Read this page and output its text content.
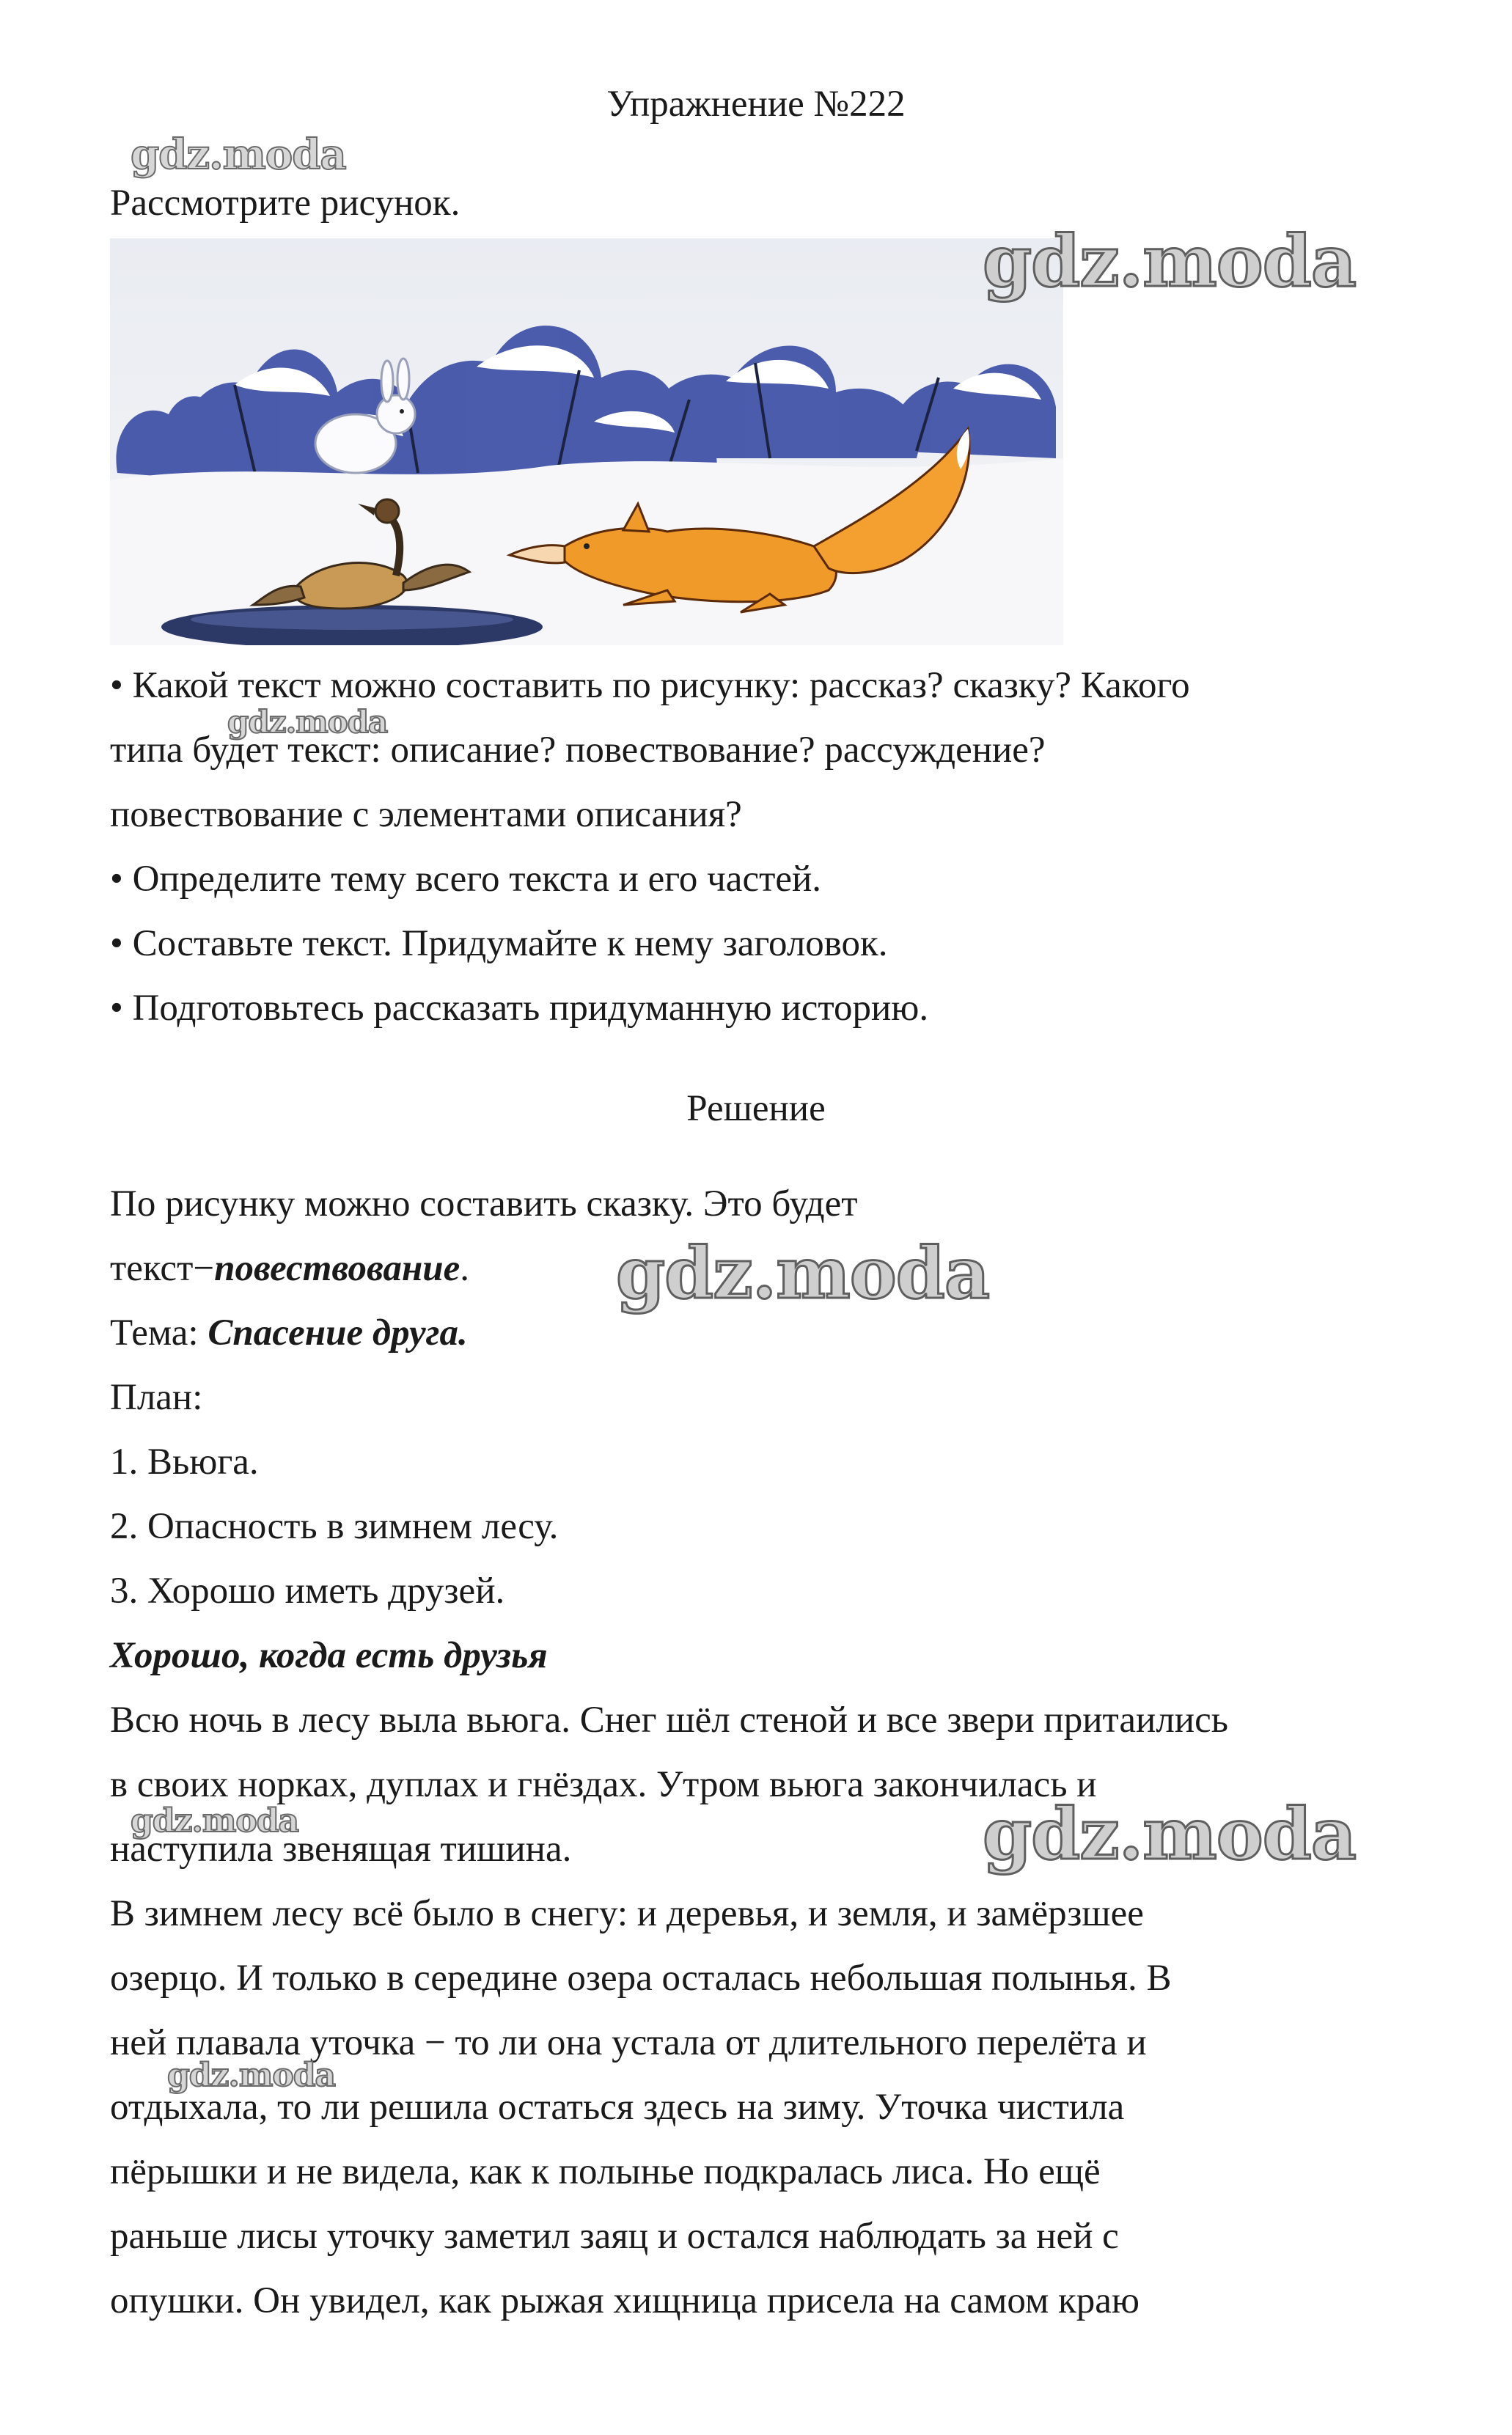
Упражнение №222

Рассмотрите рисунок.

• Какой текст можно составить по рисунку: рассказ? сказку? Какого

типа будет текст: описание? повествование? рассуждение?

повествование с элементами описания?

• Определите тему всего текста и его частей.

• Составьте текст. Придумайте к нему заголовок.

• Подготовьтесь рассказать придуманную историю.

Решение

По рисунку можно составить сказку. Это будет

текст−повествование.

Тема: Спасение друга.

План:

1. Вьюга.

2. Опасность в зимнем лесу.

3. Хорошо иметь друзей.

Хорошо, когда есть друзья

Всю ночь в лесу выла вьюга. Снег шёл стеной и все звери притаились

в своих норках, дуплах и гнёздах. Утром вьюга закончилась и

наступила звенящая тишина.

В зимнем лесу всё было в снегу: и деревья, и земля, и замёрзшее

озерцо. И только в середине озера осталась небольшая полынья. В

ней плавала уточка − то ли она устала от длительного перелёта и

отдыхала, то ли решила остаться здесь на зиму. Уточка чистила

пёрышки и не видела, как к полынье подкралась лиса. Но ещё

раньше лисы уточку заметил заяц и остался наблюдать за ней с

опушки. Он увидел, как рыжая хищница присела на самом краю

gdz.moda

gdz.moda

gdz.moda

gdz.moda

gdz.moda	gdz.moda

gdz.moda
